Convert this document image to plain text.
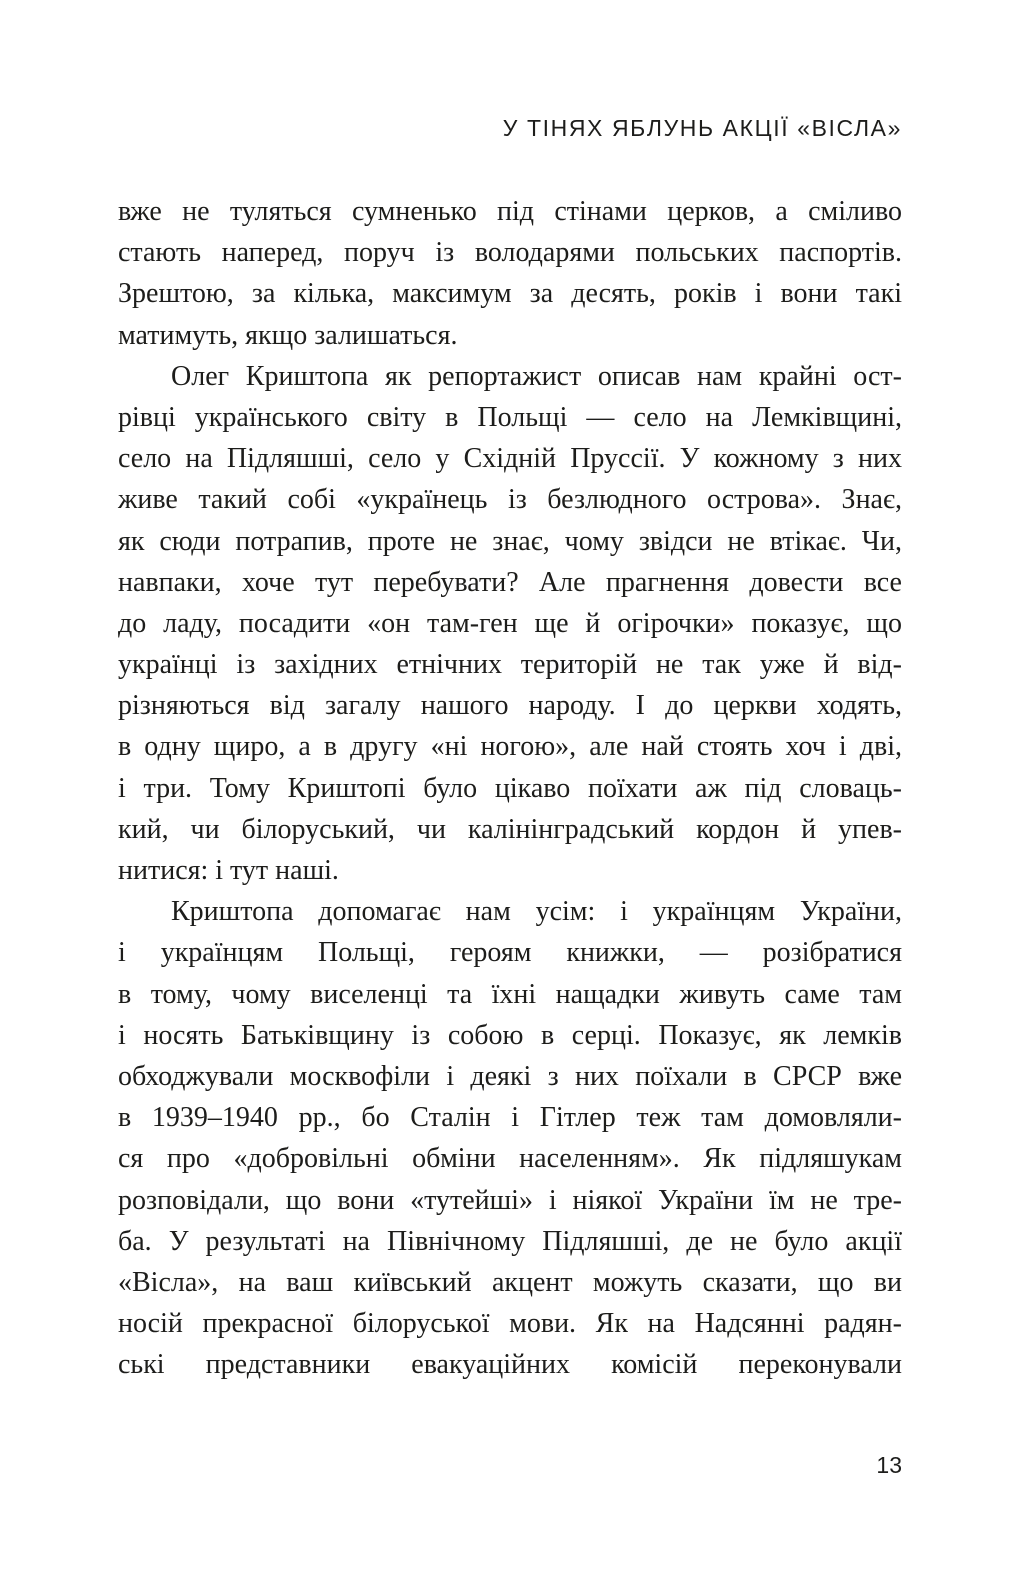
У ТІНЯХ ЯБЛУНЬ АКЦІЇ «ВІСЛА»
вже не туляться сумненько під стінами церков, а сміливо
стають наперед, поруч із володарями польських паспортів.
Зрештою, за кілька, максимум за десять, років і вони такі
матимуть, якщо залишаться.
Олег Криштопа як репортажист описав нам крайні ост-
рівці українського світу в Польщі — село на Лемківщині,
село на Підляшші, село у Східній Пруссії. У кожному з них
живе такий собі «українець із безлюдного острова». Знає,
як сюди потрапив, проте не знає, чому звідси не втікає. Чи,
навпаки, хоче тут перебувати? Але прагнення довести все
до ладу, посадити «он там-ген ще й огірочки» показує, що
українці із західних етнічних територій не так уже й від-
різняються від загалу нашого народу. І до церкви ходять,
в одну щиро, а в другу «ні ногою», але най стоять хоч і дві,
і три. Тому Криштопі було цікаво поїхати аж під словаць-
кий, чи білоруський, чи калінінградський кордон й упев-
нитися: і тут наші.
Криштопа допомагає нам усім: і українцям України,
і українцям Польщі, героям книжки, — розібратися
в тому, чому виселенці та їхні нащадки живуть саме там
і носять Батьківщину із собою в серці. Показує, як лемків
обходжували москвофіли і деякі з них поїхали в СРСР вже
в 1939–1940 рр., бо Сталін і Гітлер теж там домовляли-
ся про «добровільні обміни населенням». Як підляшукам
розповідали, що вони «тутейші» і ніякої України їм не тре-
ба. У результаті на Північному Підляшші, де не було акції
«Вісла», на ваш київський акцент можуть сказати, що ви
носій прекрасної білоруської мови. Як на Надсянні радян-
ські представники евакуаційних комісій переконували
13
